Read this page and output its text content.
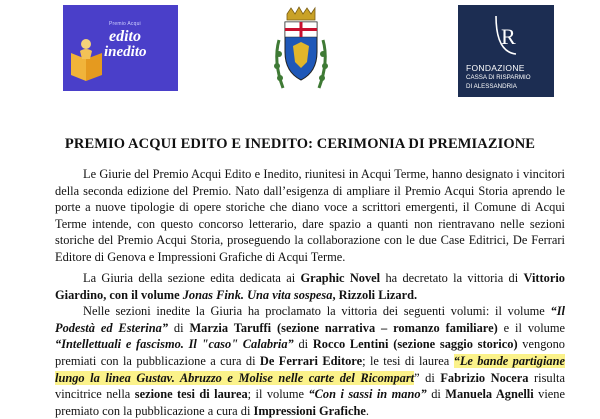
Premio Acqui
edito
inedito
R
FONDAZIONE
CASSA DI RISPARMIO
DI ALESSANDRIA
PREMIO ACQUI EDITO E INEDITO: CERIMONIA DI PREMIAZIONE
Le Giurie del Premio Acqui Edito e Inedito, riunitesi in Acqui Terme, hanno designato i vincitori della seconda edizione del Premio. Nato dall’esigenza di ampliare il Premio Acqui Storia aprendo le porte a nuove tipologie di opere storiche che diano voce a scrittori emergenti, il Comune di Acqui Terme intende, con questo concorso letterario, dare spazio a quanti non rientravano nelle sezioni storiche del Premio Acqui Storia, proseguendo la collaborazione con le due Case Editrici, De Ferrari Editore di Genova e Impressioni Grafiche di Acqui Terme.
La Giuria della sezione edita dedicata ai Graphic Novel ha decretato la vittoria di Vittorio Giardino, con il volume Jonas Fink. Una vita sospesa, Rizzoli Lizard.
Nelle sezioni inedite la Giuria ha proclamato la vittoria dei seguenti volumi: il volume “Il Podestà ed Esterina” di Marzia Taruffi (sezione narrativa – romanzo familiare) e il volume “Intellettuali e fascismo. Il "caso" Calabria” di Rocco Lentini (sezione saggio storico) vengono premiati con la pubblicazione a cura di De Ferrari Editore; le tesi di laurea “Le bande partigiane lungo la linea Gustav. Abruzzo e Molise nelle carte del Ricompart” di Fabrizio Nocera risulta vincitrice nella sezione tesi di laurea; il volume “Con i sassi in mano” di Manuela Agnelli viene premiato con la pubblicazione a cura di Impressioni Grafiche.
